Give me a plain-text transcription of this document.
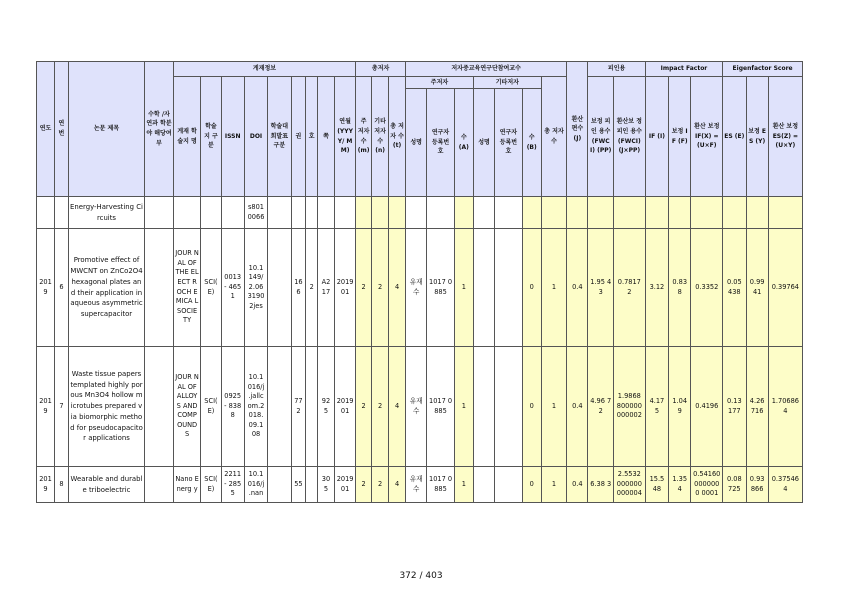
연도	연번	논문 제목	수학 /자연과 학분야 해당여부	게재정보									총저자			저자중교육연구단참여교수							환산 편수 (J)	피인용		Impact Factor			Eigenfactor Score		
				게재 학술지 명	학술 지 구분	ISSN	DOI	학술대 회발표 구분	권	호	쪽	연월 (YYYY/ MM)	주 저자 수 (m)	기타 저자 수 (n)	총 저자 수 (t)	주저자			기타저자			총 저자 수		보정 피인 용수 (FWC I) (PP)	환산보 정피인 용수 (FWCI) (J×PP)	IF (I)	보정 IF (F)	환산 보정 IF(X) = (U×F)	ES (E)	보정 ES (Y)	환산 보정 ES(Z) =(U×Y)
																성명	연구자 등록번 호	수 (A)	성명	연구자 등록번 호	수 (B)										
		Energy-Harvesting Circuits					s801 0066																								
201 9	6	Promotive effect of MWCNT on ZnCo2O4 hexagonal plates and their application in aqueous asymmetric supercapacitor		JOUR NAL OF THE ELECT ROCH EMICA L SOCIE TY	SCI( E)	0013 - 4651	10.1 149/ 2.06 3190 2jes		16 6	2	A2 17	2019 01	2	2	4	유재 수	1017 0885	1			0	1	0.4	1.95 43	0.7817 2	3.12	0.83 8	0.3352	0.05 438	0.99 41	0.39764
201 9	7	Waste tissue papers templated highly porous Mn3O4 hollow microtubes prepared via biomorphic method for pseudocapacitor applications		JOUR NAL OF ALLOY S AND COMP OUND S	SCI( E)	0925 - 8388	10.1 016/j .jallc om.2 018. 09.1 08		77 2		92 5	2019 01	2	2	4	유재 수	1017 0885	1			0	1	0.4	4.96 72	1.9868 800000 000002	4.17 5	1.04 9	0.4196	0.13 177	4.26 716	1.706864
201 9	8	Wearable and durable triboelectric		Nano Energ y	SCI( E)	2211 - 2855	10.1 016/j .nan		55		30 5	2019 01	2	2	4	유재 수	1017 0885	1			0	1	0.4	6.38 3	2.5532 000000 000004	15.5 48	1.35 4	0.54160 0000000 0001	0.08 725	0.93 866	0.375464
372 / 403
